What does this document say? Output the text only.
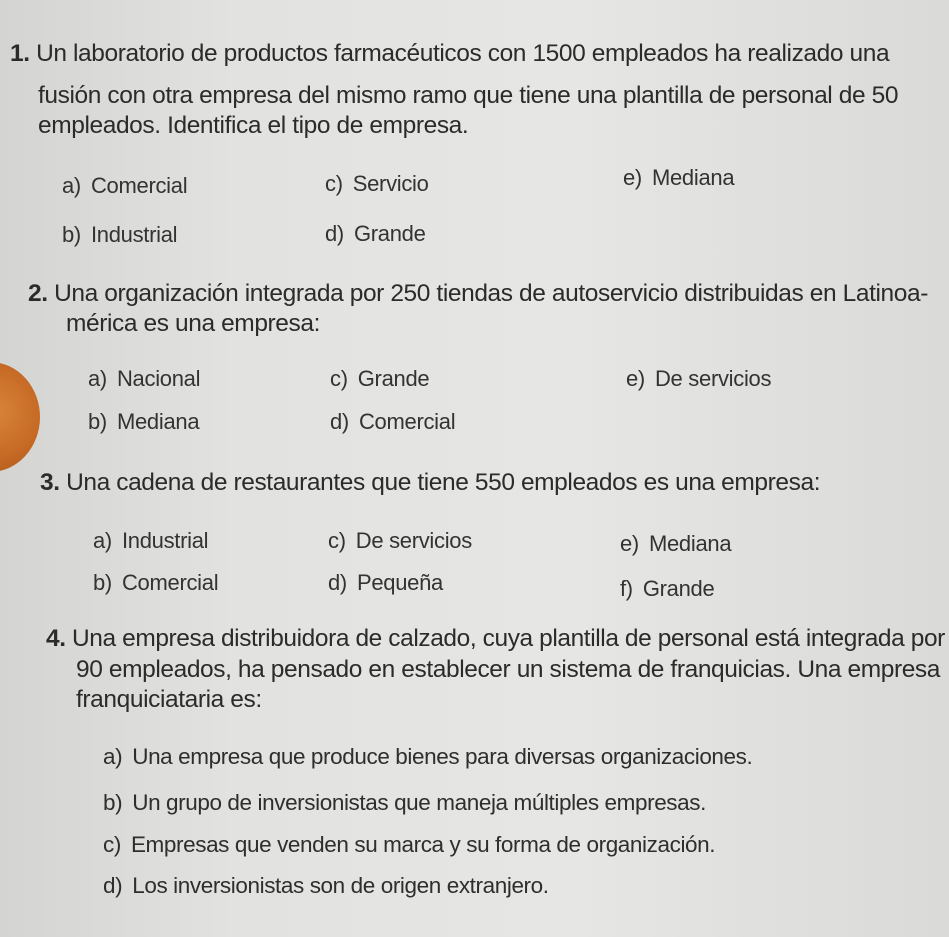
1. Un laboratorio de productos farmacéuticos con 1500 empleados ha realizado una
fusión con otra empresa del mismo ramo que tiene una plantilla de personal de 50
empleados. Identifica el tipo de empresa.
a) Comercial
b) Industrial
c) Servicio
d) Grande
e) Mediana
2. Una organización integrada por 250 tiendas de autoservicio distribuidas en Latinoa-
mérica es una empresa:
a) Nacional
b) Mediana
c) Grande
d) Comercial
e) De servicios
3. Una cadena de restaurantes que tiene 550 empleados es una empresa:
a) Industrial
b) Comercial
c) De servicios
d) Pequeña
e) Mediana
f) Grande
4. Una empresa distribuidora de calzado, cuya plantilla de personal está integrada por
90 empleados, ha pensado en establecer un sistema de franquicias. Una empresa
franquiciataria es:
a) Una empresa que produce bienes para diversas organizaciones.
b) Un grupo de inversionistas que maneja múltiples empresas.
c) Empresas que venden su marca y su forma de organización.
d) Los inversionistas son de origen extranjero.
